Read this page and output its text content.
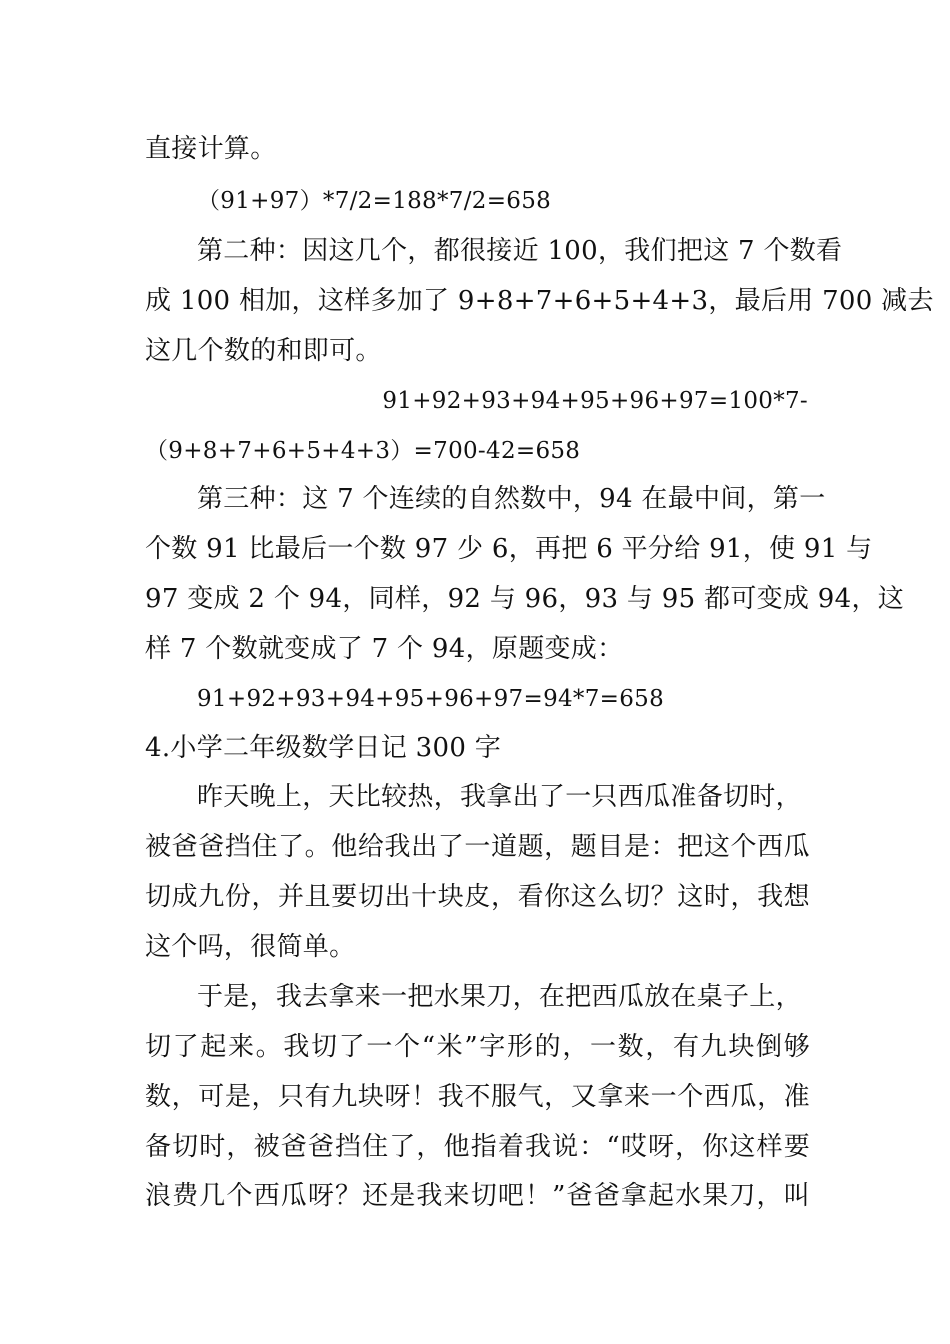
直接计算。
（91+97）*7/2=188*7/2=658
第二种：因这几个，都很接近 100，我们把这 7 个数看
成 100 相加，这样多加了 9+8+7+6+5+4+3，最后用 700 减去
这几个数的和即可。
91+92+93+94+95+96+97=100*7-
（9+8+7+6+5+4+3）=700-42=658
第三种：这 7 个连续的自然数中，94 在最中间，第一
个数 91 比最后一个数 97 少 6，再把 6 平分给 91，使 91 与
97 变成 2 个 94，同样，92 与 96，93 与 95 都可变成 94，这
样 7 个数就变成了 7 个 94，原题变成：
91+92+93+94+95+96+97=94*7=658
4.小学二年级数学日记 300 字
昨天晚上，天比较热，我拿出了一只西瓜准备切时，
被爸爸挡住了。他给我出了一道题，题目是：把这个西瓜
切成九份，并且要切出十块皮，看你这么切？这时，我想
这个吗，很简单。
于是，我去拿来一把水果刀，在把西瓜放在桌子上，
切了起来。我切了一个“米”字形的，一数，有九块倒够
数，可是，只有九块呀！我不服气，又拿来一个西瓜，准
备切时，被爸爸挡住了，他指着我说：“哎呀，你这样要
浪费几个西瓜呀？还是我来切吧！”爸爸拿起水果刀，叫
